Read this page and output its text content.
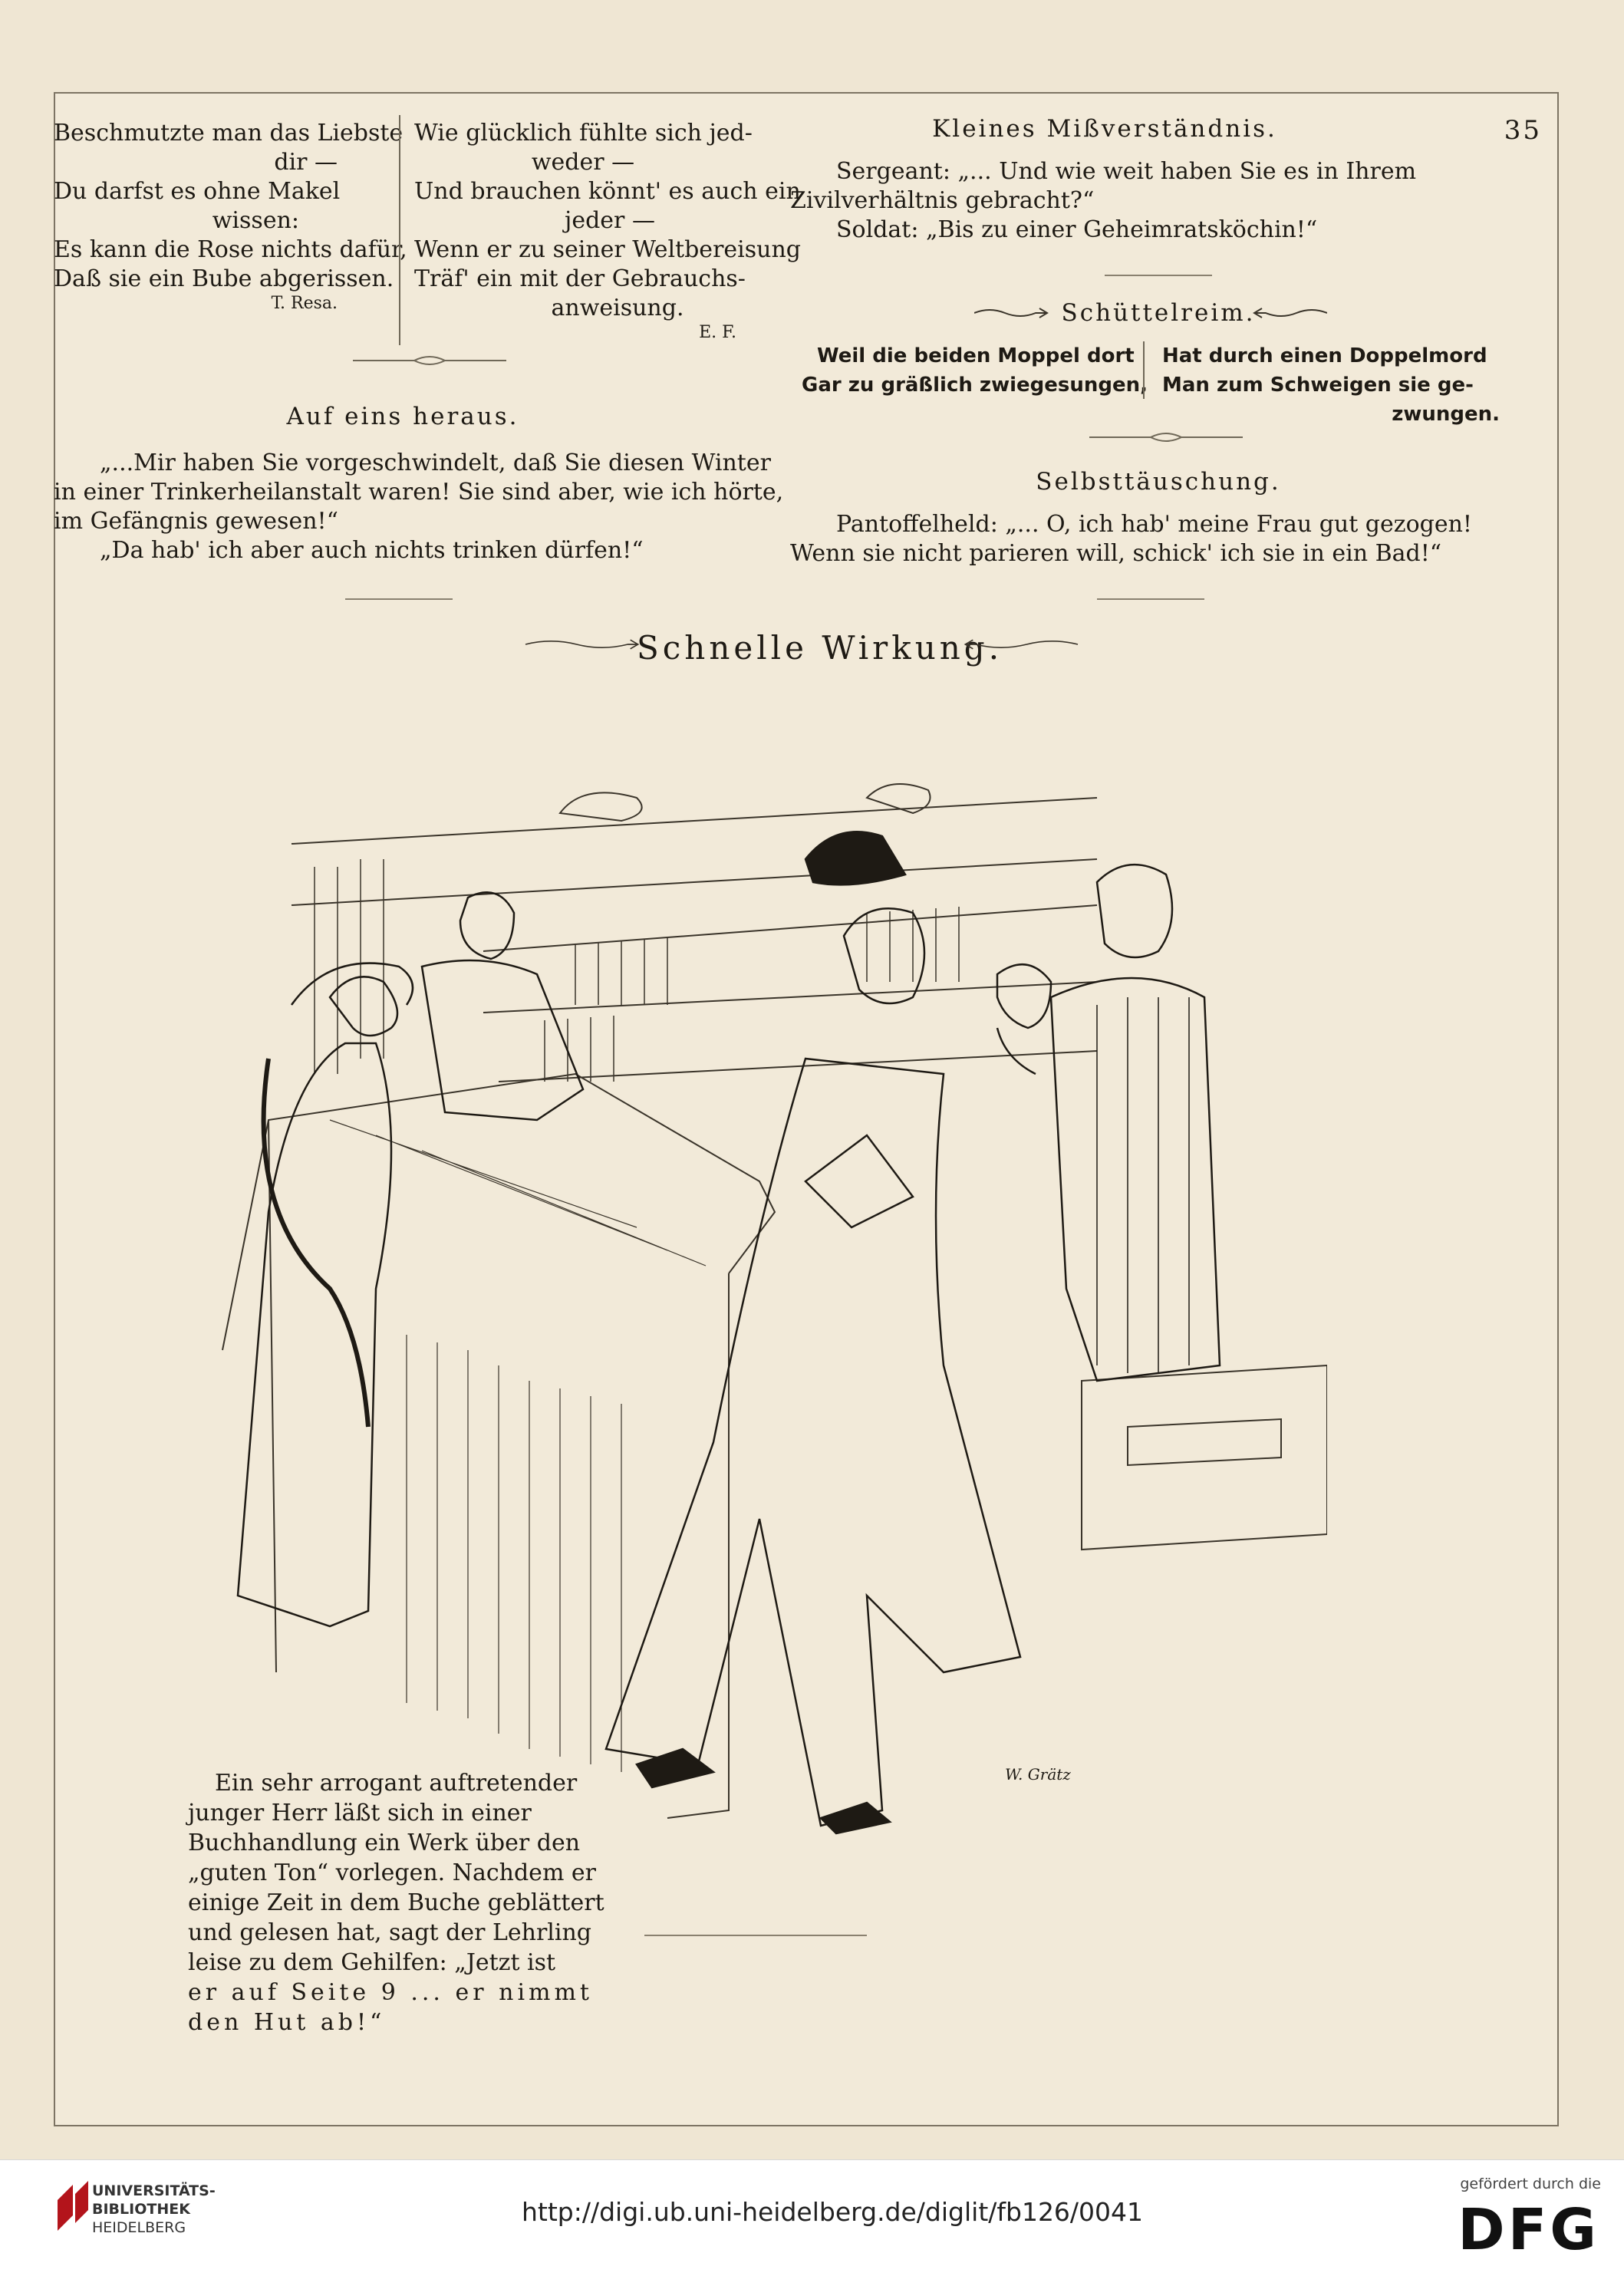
Beschmutzte man das Liebste
dir —
Du darfst es ohne Makel
wissen:
Es kann die Rose nichts dafür,
Daß sie ein Bube abgerissen.
T. Resa.
Wie glücklich fühlte sich jed-
weder —
Und brauchen könnt' es auch ein
jeder —
Wenn er zu seiner Weltbereisung
Träf' ein mit der Gebrauchs-
anweisung.
E. F.
Auf eins heraus.
„...Mir haben Sie vorgeschwindelt, daß Sie diesen Winter
in einer Trinkerheilanstalt waren! Sie sind aber, wie ich hörte,
im Gefängnis gewesen!“
„Da hab' ich aber auch nichts trinken dürfen!“
Kleines Mißverständnis.	35
Sergeant: „... Und wie weit haben Sie es in Ihrem
Zivilverhältnis gebracht?“
Soldat: „Bis zu einer Geheimratsköchin!“
Schüttelreim.
Weil die beiden Moppel dort
Gar zu gräßlich zwiegesungen,
Hat durch einen Doppelmord
Man zum Schweigen sie ge-
zwungen.
Selbsttäuschung.
Pantoffelheld: „... O, ich hab' meine Frau gut gezogen!
Wenn sie nicht parieren will, schick' ich sie in ein Bad!“
Schnelle Wirkung.
W. Grätz
Ein sehr arrogant auftretender
junger Herr läßt sich in einer
Buchhandlung ein Werk über den
„guten Ton“ vorlegen. Nachdem er
einige Zeit in dem Buche geblättert
und gelesen hat, sagt der Lehrling
leise zu dem Gehilfen: „Jetzt ist
er auf Seite 9 ... er nimmt
den Hut ab!“
UNIVERSITÄTS-
BIBLIOTHEK
HEIDELBERG
http://digi.ub.uni-heidelberg.de/diglit/fb126/0041
gefördert durch die
DFG
